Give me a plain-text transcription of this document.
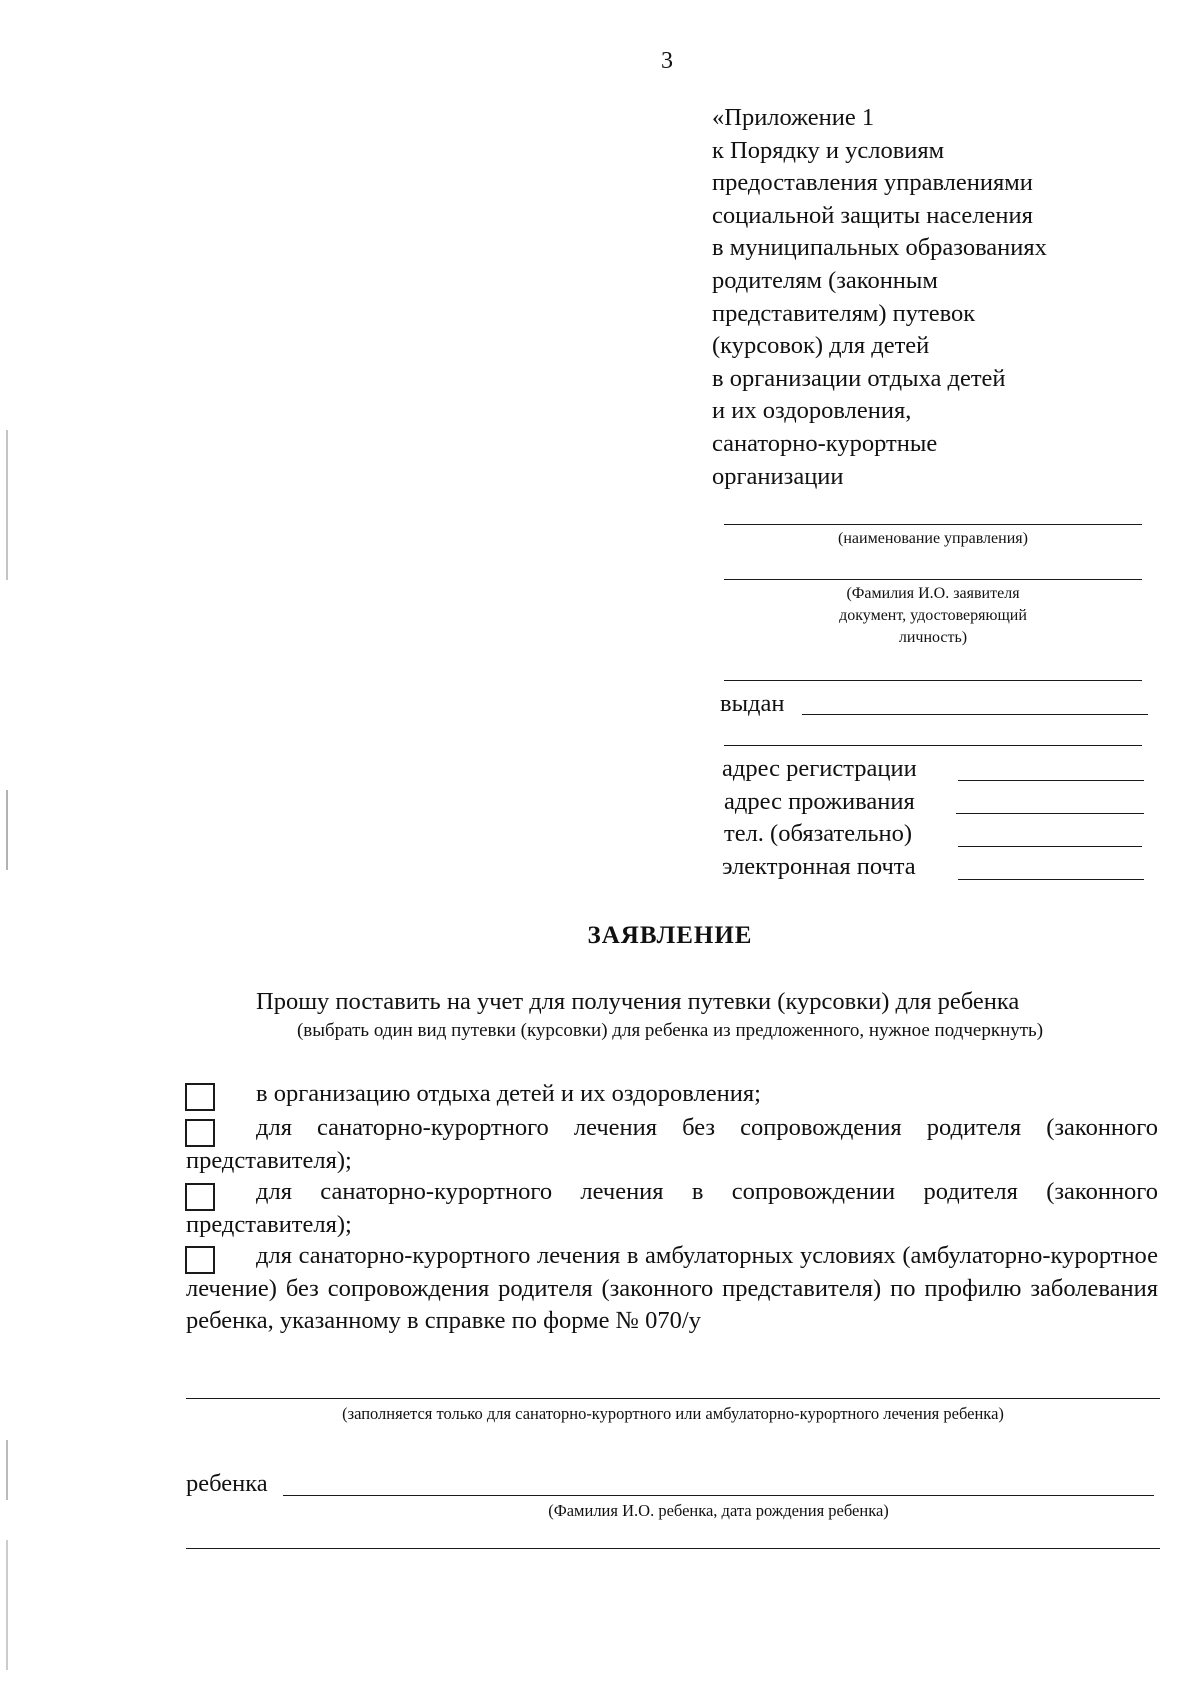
3
«Приложение 1
к Порядку и условиям
предоставления управлениями
социальной защиты населения
в муниципальных образованиях
родителям (законным
представителям) путевок
(курсовок) для детей
в организации отдыха детей
и их оздоровления,
санаторно-курортные
организации
(наименование управления)
(Фамилия И.О. заявителя
документ, удостоверяющий
личность)
выдан
адрес регистрации
адрес проживания
тел. (обязательно)
электронная почта
ЗАЯВЛЕНИЕ
Прошу поставить на учет для получения путевки (курсовки) для ребенка
(выбрать один вид путевки (курсовки) для ребенка из предложенного, нужное подчеркнуть)
в организацию отдыха детей и их оздоровления;
для санаторно-курортного лечения без сопровождения родителя (законного представителя);
для санаторно-курортного лечения в сопровождении родителя (законного представителя);
для санаторно-курортного лечения в амбулаторных условиях (амбулаторно-курортное лечение) без сопровождения родителя (законного представителя) по профилю заболевания ребенка, указанному в справке по форме № 070/у
(заполняется только для санаторно-курортного или амбулаторно-курортного лечения ребенка)
ребенка
(Фамилия И.О. ребенка, дата рождения ребенка)
